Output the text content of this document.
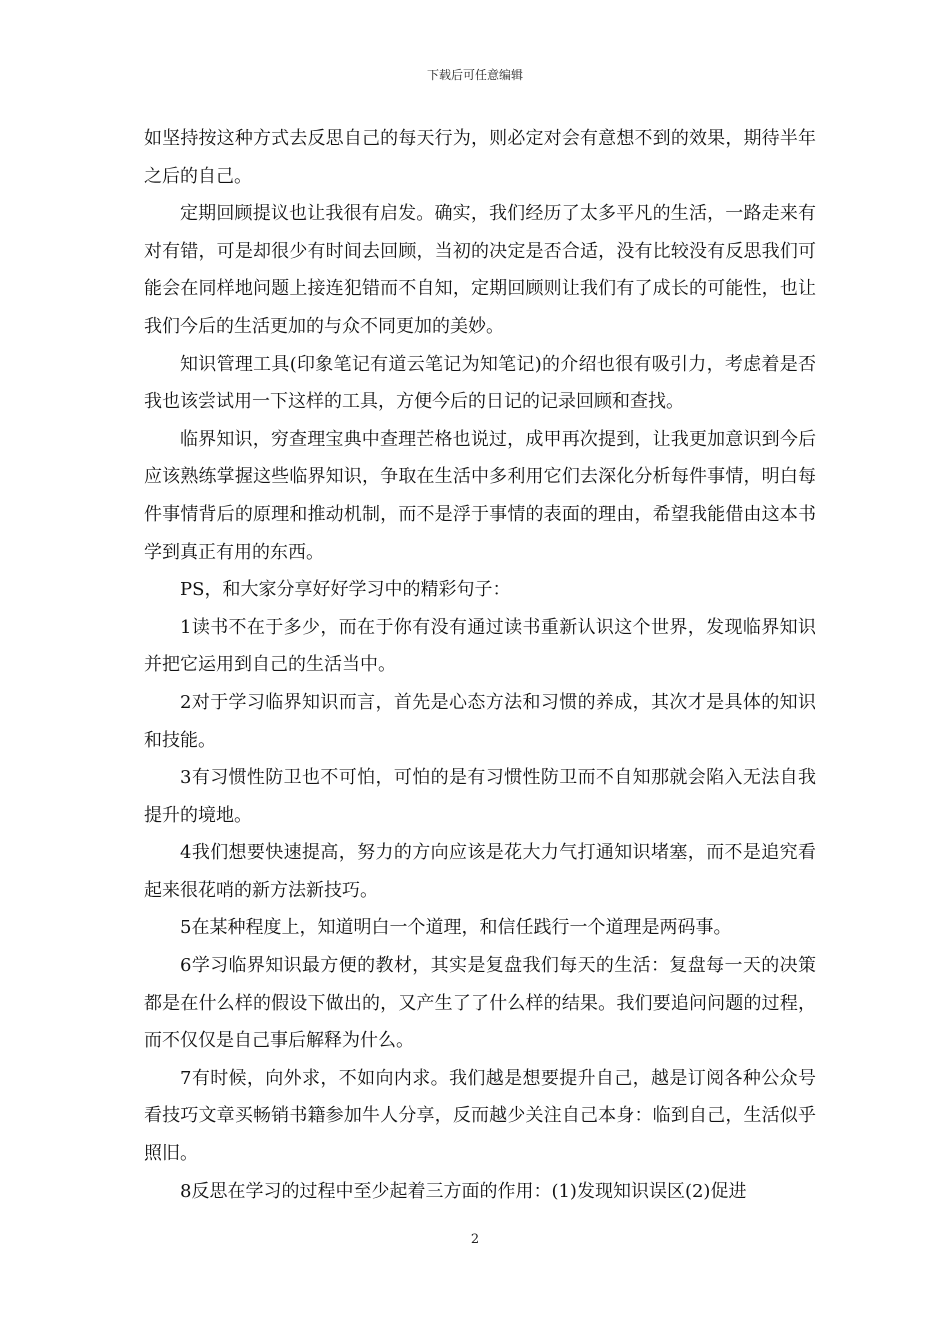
下载后可任意编辑

如坚持按这种方式去反思自己的每天行为，则必定对会有意想不到的效果，期待半年之后的自己。

定期回顾提议也让我很有启发。确实，我们经历了太多平凡的生活，一路走来有对有错，可是却很少有时间去回顾，当初的决定是否合适，没有比较没有反思我们可能会在同样地问题上接连犯错而不自知，定期回顾则让我们有了成长的可能性，也让我们今后的生活更加的与众不同更加的美妙。

知识管理工具(印象笔记有道云笔记为知笔记)的介绍也很有吸引力，考虑着是否我也该尝试用一下这样的工具，方便今后的日记的记录回顾和查找。

临界知识，穷查理宝典中查理芒格也说过，成甲再次提到，让我更加意识到今后应该熟练掌握这些临界知识，争取在生活中多利用它们去深化分析每件事情，明白每件事情背后的原理和推动机制，而不是浮于事情的表面的理由，希望我能借由这本书学到真正有用的东西。

PS，和大家分享好好学习中的精彩句子：

1读书不在于多少，而在于你有没有通过读书重新认识这个世界，发现临界知识并把它运用到自己的生活当中。

2对于学习临界知识而言，首先是心态方法和习惯的养成，其次才是具体的知识和技能。

3有习惯性防卫也不可怕，可怕的是有习惯性防卫而不自知那就会陷入无法自我提升的境地。

4我们想要快速提高，努力的方向应该是花大力气打通知识堵塞，而不是追究看起来很花哨的新方法新技巧。

5在某种程度上，知道明白一个道理，和信任践行一个道理是两码事。

6学习临界知识最方便的教材，其实是复盘我们每天的生活：复盘每一天的决策都是在什么样的假设下做出的，又产生了了什么样的结果。我们要追问问题的过程，而不仅仅是自己事后解释为什么。

7有时候，向外求，不如向内求。我们越是想要提升自己，越是订阅各种公众号看技巧文章买畅销书籍参加牛人分享，反而越少关注自己本身：临到自己，生活似乎照旧。

8反思在学习的过程中至少起着三方面的作用：(1)发现知识误区(2)促进

2
